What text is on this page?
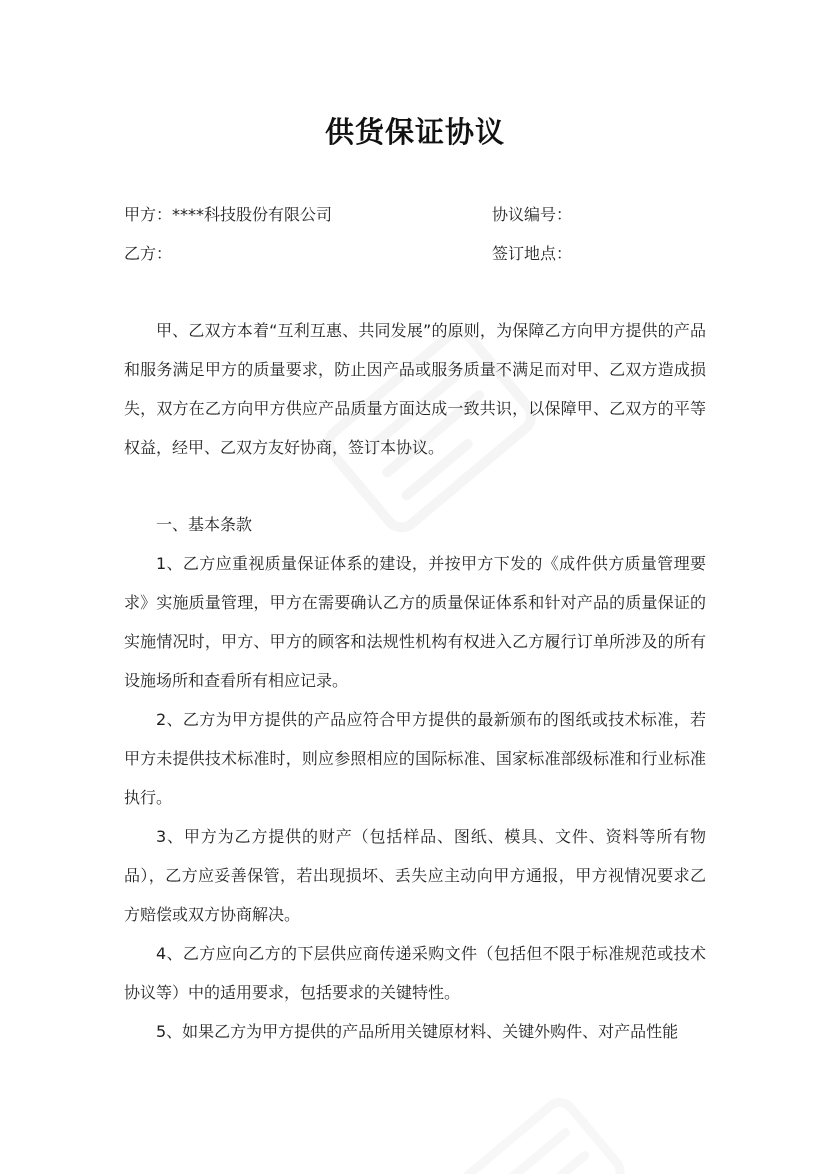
供货保证协议
甲方：****科技股份有限公司	协议编号：
乙方：	签订地点：

甲、乙双方本着“互利互惠、共同发展”的原则，为保障乙方向甲方提供的产品和服务满足甲方的质量要求，防止因产品或服务质量不满足而对甲、乙双方造成损失，双方在乙方向甲方供应产品质量方面达成一致共识，以保障甲、乙双方的平等权益，经甲、乙双方友好协商，签订本协议。

一、基本条款

1、乙方应重视质量保证体系的建设，并按甲方下发的《成件供方质量管理要求》实施质量管理，甲方在需要确认乙方的质量保证体系和针对产品的质量保证的实施情况时，甲方、甲方的顾客和法规性机构有权进入乙方履行订单所涉及的所有设施场所和查看所有相应记录。

2、乙方为甲方提供的产品应符合甲方提供的最新颁布的图纸或技术标准，若甲方未提供技术标准时，则应参照相应的国际标准、国家标准部级标准和行业标准执行。

3、甲方为乙方提供的财产（包括样品、图纸、模具、文件、资料等所有物品），乙方应妥善保管，若出现损坏、丢失应主动向甲方通报，甲方视情况要求乙方赔偿或双方协商解决。

4、乙方应向乙方的下层供应商传递采购文件（包括但不限于标准规范或技术协议等）中的适用要求，包括要求的关键特性。

5、如果乙方为甲方提供的产品所用关键原材料、关键外购件、对产品性能
